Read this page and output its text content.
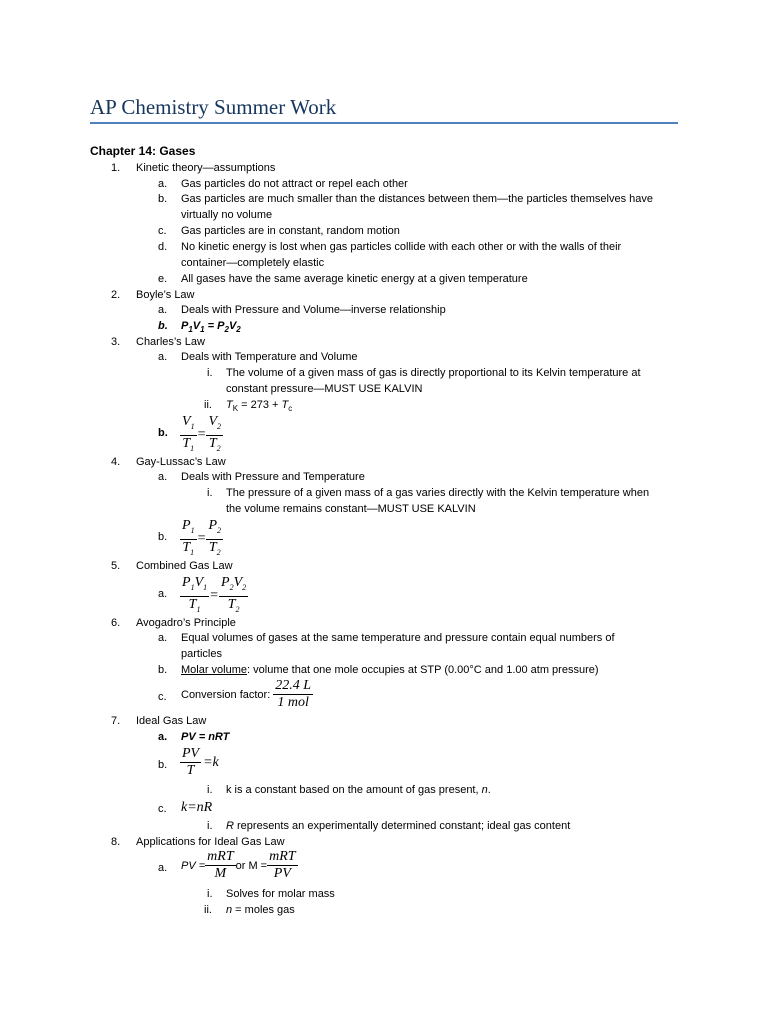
AP Chemistry Summer Work
Chapter 14: Gases
1. Kinetic theory—assumptions
a. Gas particles do not attract or repel each other
b. Gas particles are much smaller than the distances between them—the particles themselves have
virtually no volume
c. Gas particles are in constant, random motion
d. No kinetic energy is lost when gas particles collide with each other or with the walls of their
container—completely elastic
e. All gases have the same average kinetic energy at a given temperature
2. Boyle’s Law
a. Deals with Pressure and Volume—inverse relationship
b. $P_1V_1 = P_2V_2$
3. Charles’s Law
a. Deals with Temperature and Volume
i. The volume of a given mass of gas is directly proportional to its Kelvin temperature at
constant pressure—MUST USE KALVIN
ii. $T_K = 273 + T_c$
b. $\frac{V_1}{T_1} = \frac{V_2}{T_2}$
4. Gay-Lussac’s Law
a. Deals with Pressure and Temperature
i. The pressure of a given mass of a gas varies directly with the Kelvin temperature when
the volume remains constant—MUST USE KALVIN
b. $\frac{P_1}{T_1} = \frac{P_2}{T_2}$
5. Combined Gas Law
a. $\frac{P_1V_1}{T_1} = \frac{P_2V_2}{T_2}$
6. Avogadro’s Principle
a. Equal volumes of gases at the same temperature and pressure contain equal numbers of
particles
b. Molar volume: volume that one mole occupies at STP (0.00°C and 1.00 atm pressure)
c. Conversion factor: $\frac{22.4 L}{\text{1 mol}}$
7. Ideal Gas Law
a. PV = nRT
b. $\frac{PV}{T} =k$
i. k is a constant based on the amount of gas present, n.
c. k=nR
i. R represents an experimentally determined constant; ideal gas content
8. Applications for Ideal Gas Law
a. PV = $\frac{\text{mRT}}{M}$ or $M = \frac{\text{mRT}}{PV}$
i. Solves for molar mass
ii. n = moles gas
